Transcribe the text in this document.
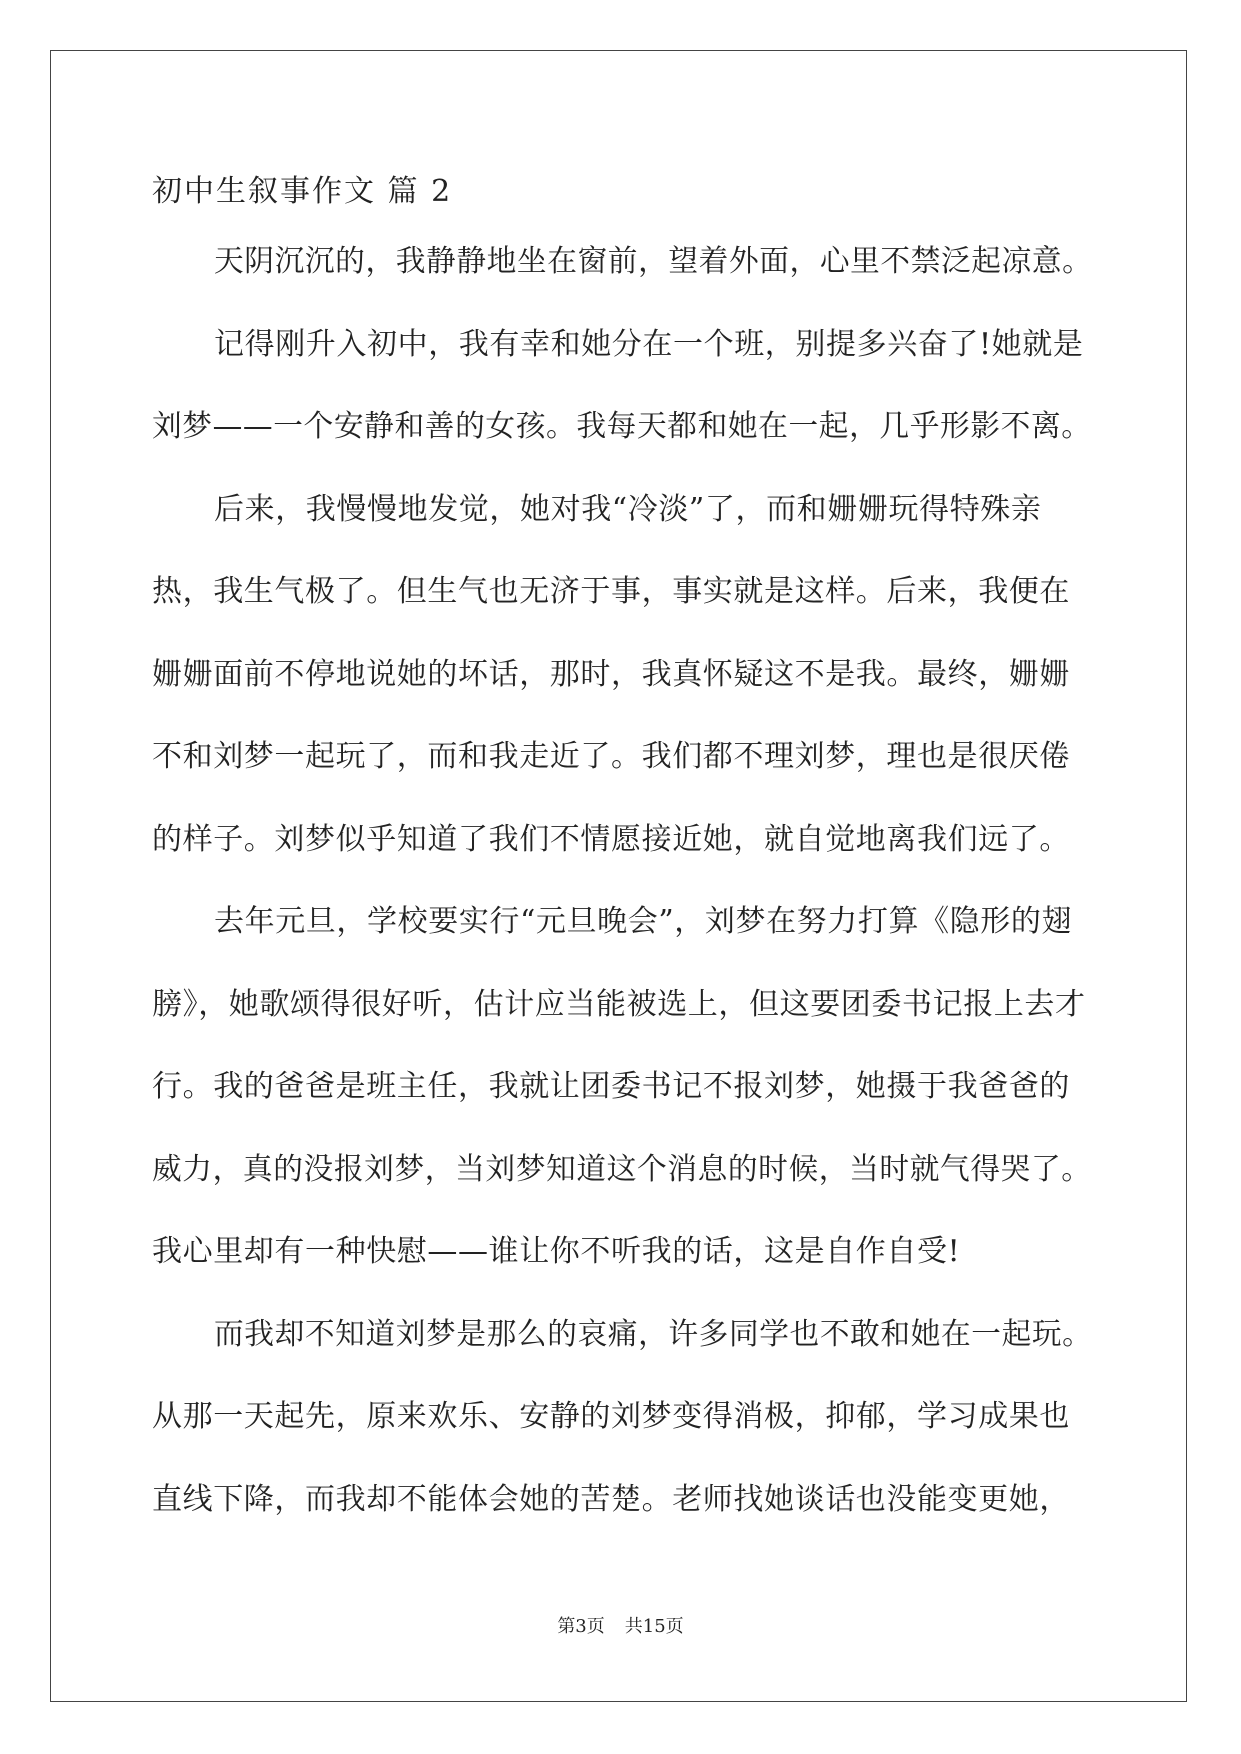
初中生叙事作文 篇 2
天阴沉沉的，我静静地坐在窗前，望着外面，心里不禁泛起凉意。
记得刚升入初中，我有幸和她分在一个班，别提多兴奋了!她就是
刘梦——一个安静和善的女孩。我每天都和她在一起，几乎形影不离。
后来，我慢慢地发觉，她对我“冷淡”了，而和姗姗玩得特殊亲
热，我生气极了。但生气也无济于事，事实就是这样。后来，我便在
姗姗面前不停地说她的坏话，那时，我真怀疑这不是我。最终，姗姗
不和刘梦一起玩了，而和我走近了。我们都不理刘梦，理也是很厌倦
的样子。刘梦似乎知道了我们不情愿接近她，就自觉地离我们远了。
去年元旦，学校要实行“元旦晚会”，刘梦在努力打算《隐形的翅
膀》，她歌颂得很好听，估计应当能被选上，但这要团委书记报上去才
行。我的爸爸是班主任，我就让团委书记不报刘梦，她摄于我爸爸的
威力，真的没报刘梦，当刘梦知道这个消息的时候，当时就气得哭了。
我心里却有一种快慰——谁让你不听我的话，这是自作自受!
而我却不知道刘梦是那么的哀痛，许多同学也不敢和她在一起玩。
从那一天起先，原来欢乐、安静的刘梦变得消极，抑郁，学习成果也
直线下降，而我却不能体会她的苦楚。老师找她谈话也没能变更她，
第3页 共15页
